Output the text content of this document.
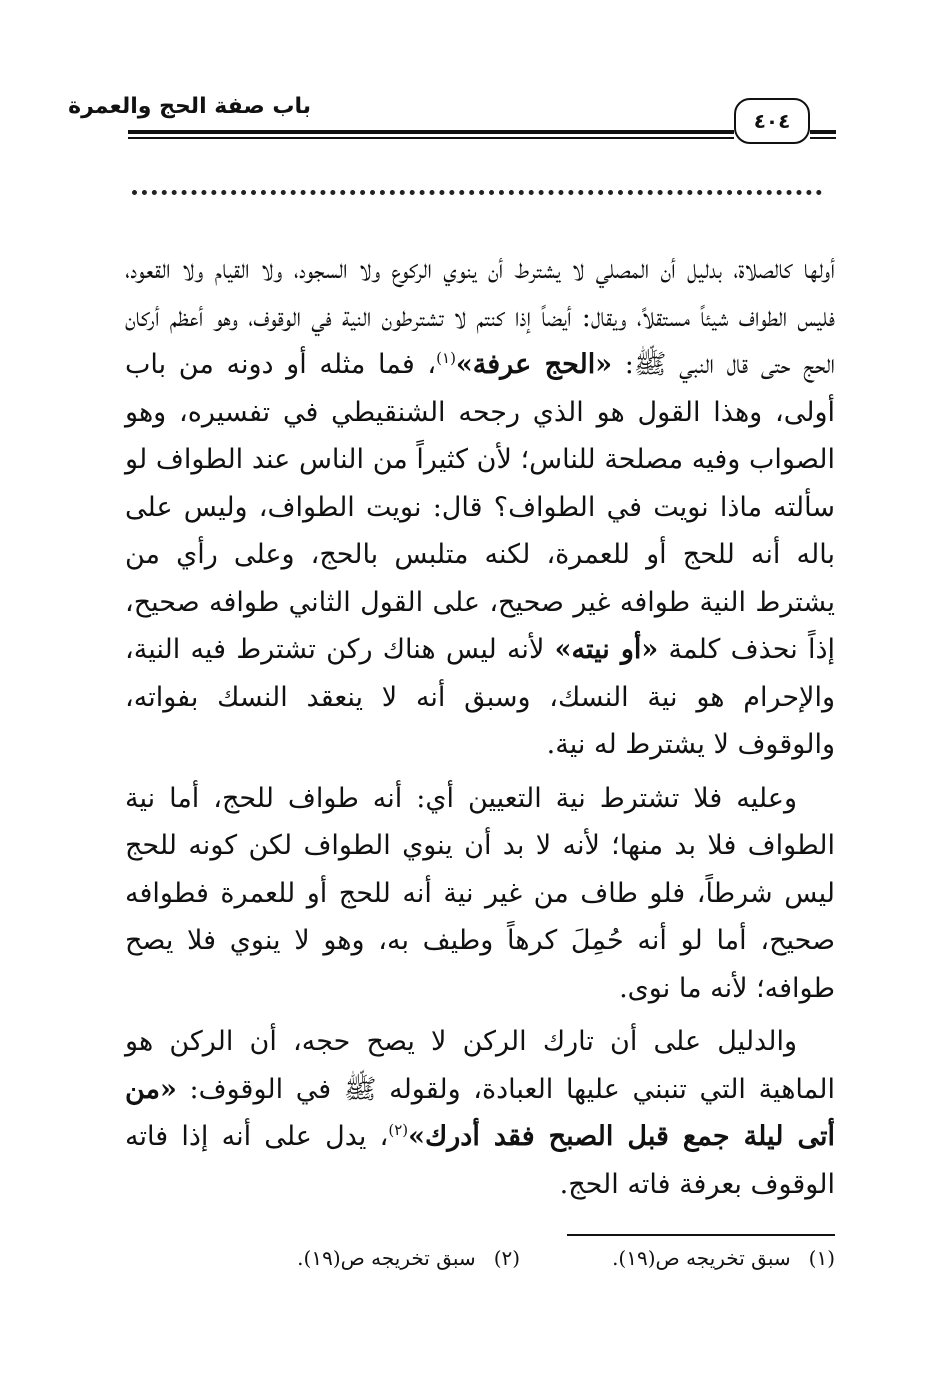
باب صفة الحج والعمرة
٤٠٤

أولها كالصلاة، بدليل أن المصلي لا يشترط أن ينوي الركوع ولا السجود، ولا القيام ولا القعود، فليس الطواف شيئاً مستقلاً، ويقال: أيضاً إذا كنتم لا تشترطون النية في الوقوف، وهو أعظم أركان الحج حتى قال النبي ﷺ: «الحج عرفة»$^{(١)}$، فما مثله أو دونه من باب أولى، وهذا القول هو الذي رجحه الشنقيطي في تفسيره، وهو الصواب وفيه مصلحة للناس؛ لأن كثيراً من الناس عند الطواف لو سألته ماذا نويت في الطواف؟ قال: نويت الطواف، وليس على باله أنه للحج أو للعمرة، لكنه متلبس بالحج، وعلى رأي من يشترط النية طوافه غير صحيح، على القول الثاني طوافه صحيح، إذاً نحذف كلمة «أو نيته» لأنه ليس هناك ركن تشترط فيه النية، والإحرام هو نية النسك، وسبق أنه لا ينعقد النسك بفواته، والوقوف لا يشترط له نية.

وعليه فلا تشترط نية التعيين أي: أنه طواف للحج، أما نية الطواف فلا بد منها؛ لأنه لا بد أن ينوي الطواف لكن كونه للحج ليس شرطاً، فلو طاف من غير نية أنه للحج أو للعمرة فطوافه صحيح، أما لو أنه حُمِلَ كرهاً وطيف به، وهو لا ينوي فلا يصح طوافه؛ لأنه ما نوى.

والدليل على أن تارك الركن لا يصح حجه، أن الركن هو الماهية التي تنبني عليها العبادة، ولقوله ﷺ في الوقوف: «من أتى ليلة جمع قبل الصبح فقد أدرك»$^{(٢)}$، يدل على أنه إذا فاته الوقوف بعرفة فاته الحج.

(١)سبق تخريجه ص(١٩).(٢)سبق تخريجه ص(١٩).
